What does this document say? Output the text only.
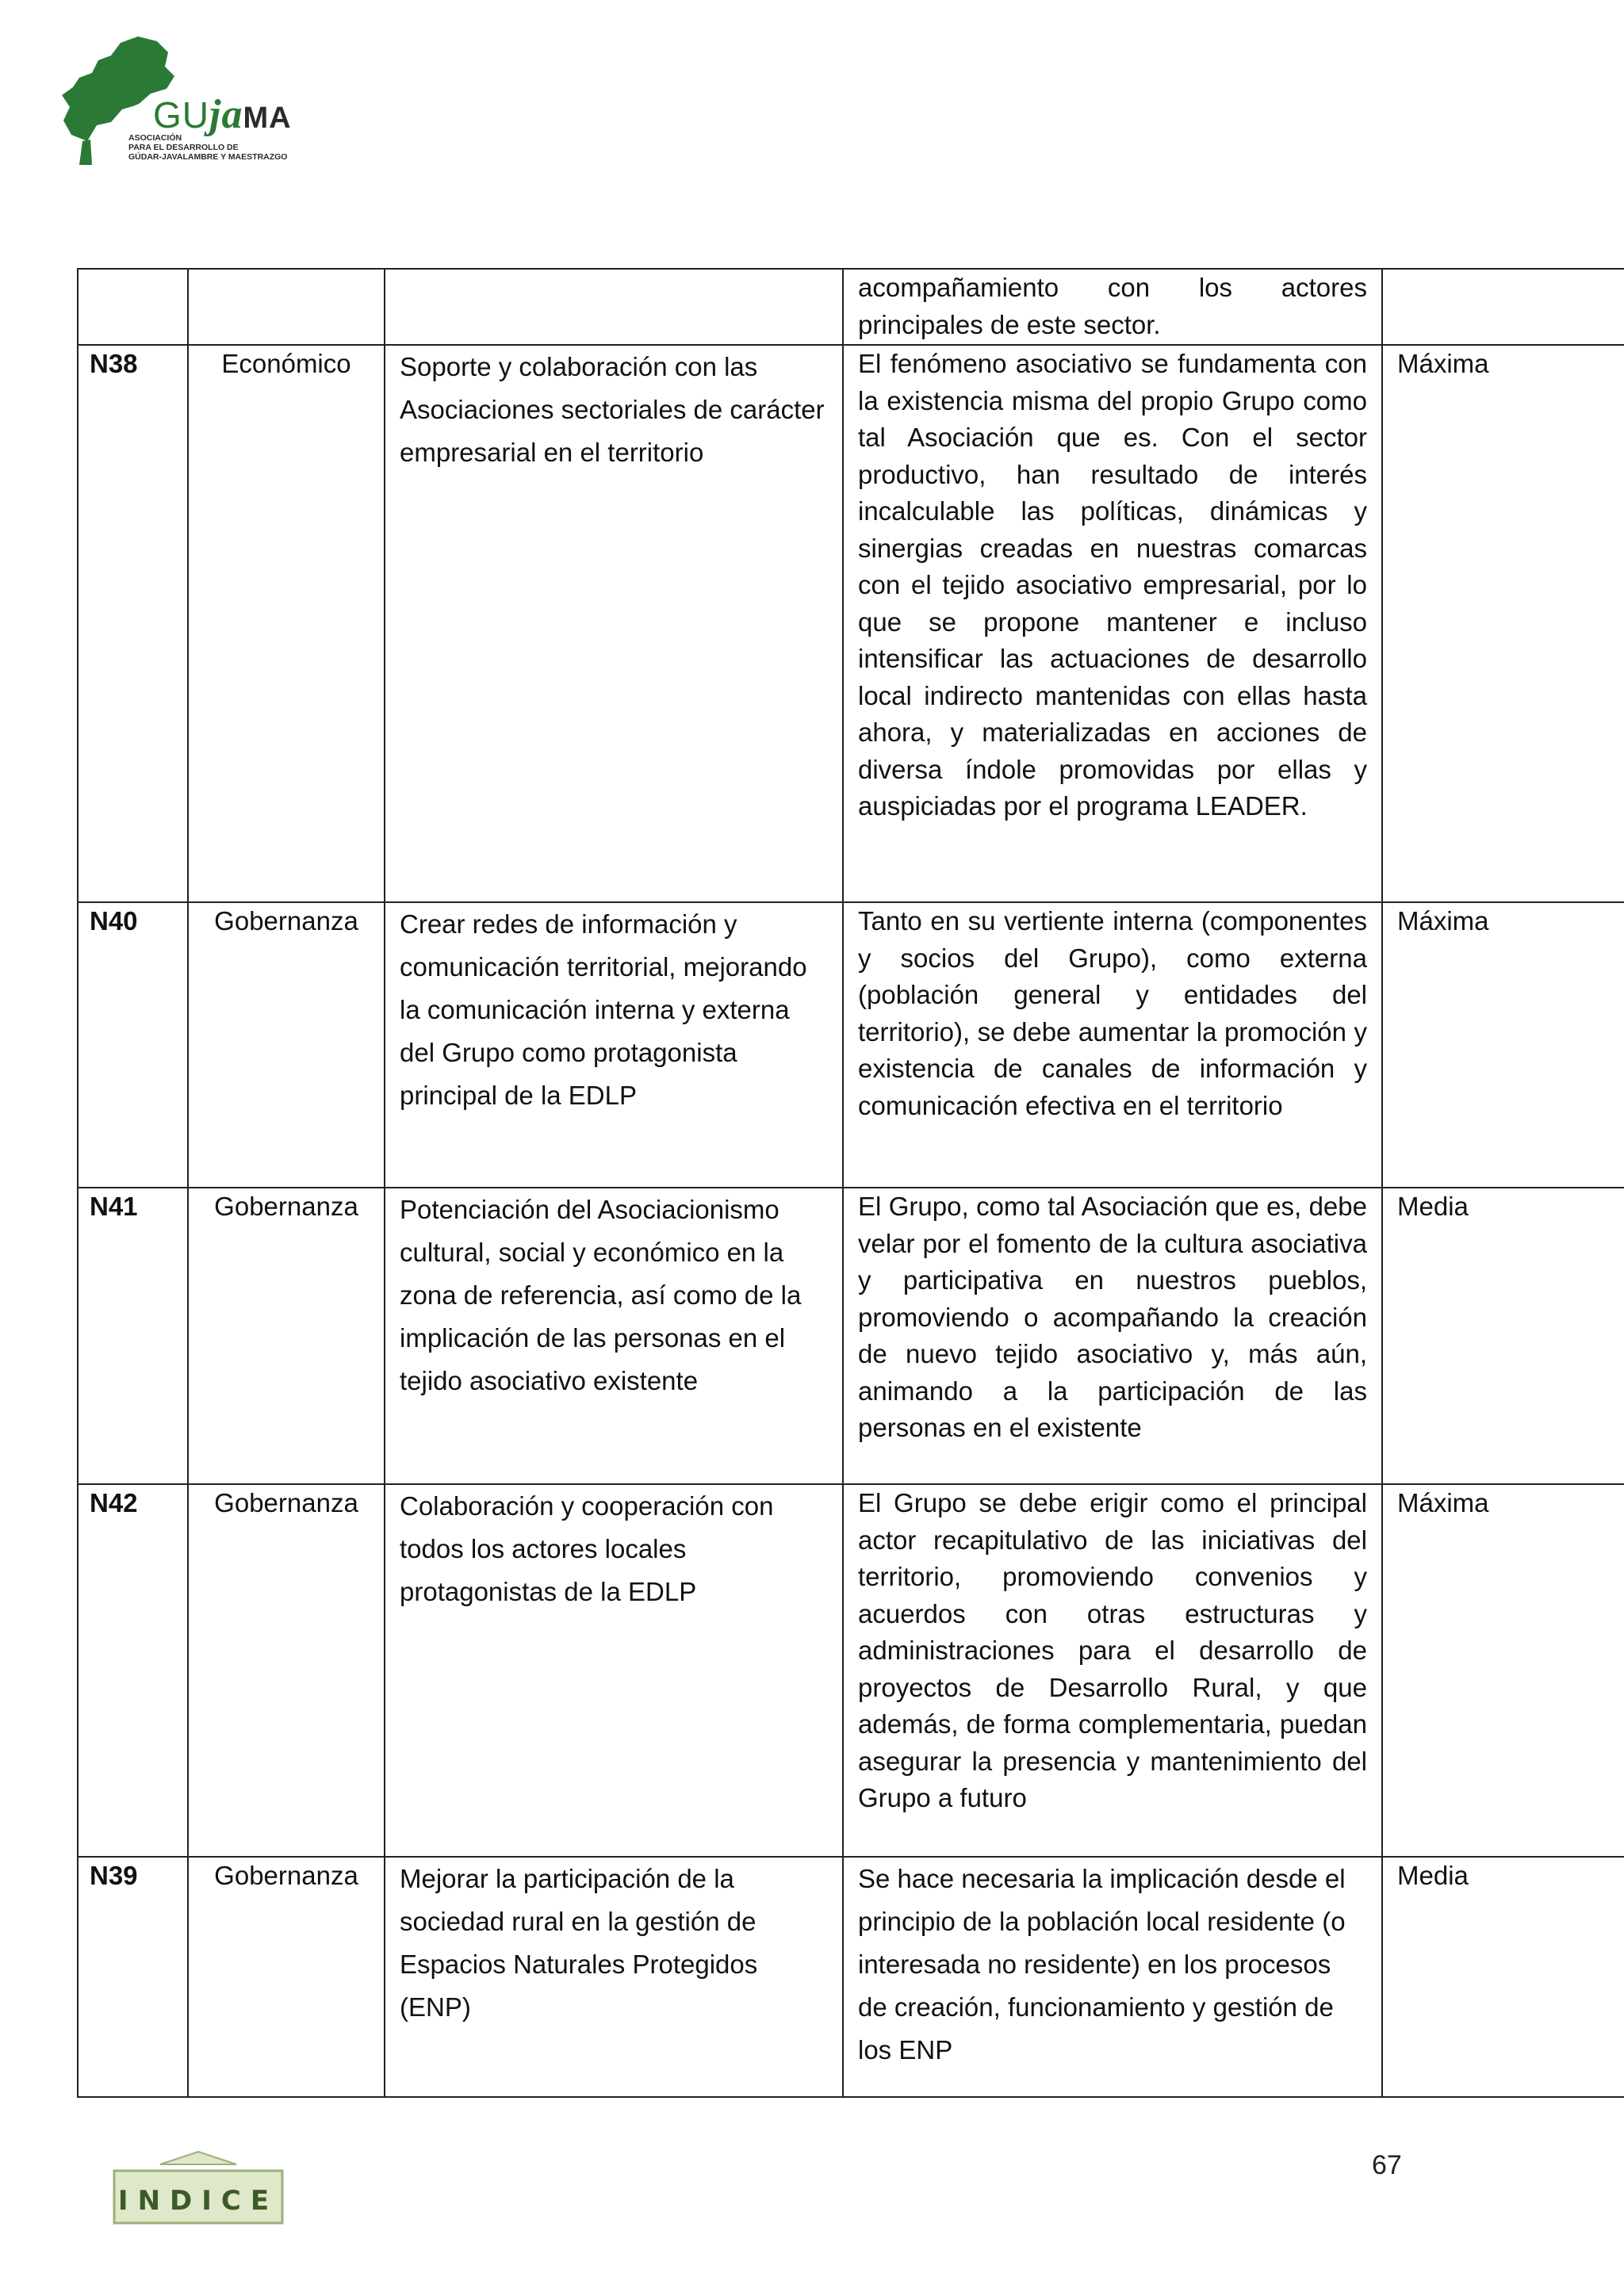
aGUjaMA
ASOCIACIÓN
PARA EL DESARROLLO DE
GÚDAR-JAVALAMBRE Y MAESTRAZGO
			acompañamiento con los actores principales de este sector.	
N38	Económico	Soporte y colaboración con las Asociaciones sectoriales de carácter empresarial en el territorio	El fenómeno asociativo se fundamenta con la existencia misma del propio Grupo como tal Asociación que es. Con el sector productivo, han resultado de interés incalculable las políticas, dinámicas y sinergias creadas en nuestras comarcas con el tejido asociativo empresarial, por lo que se propone mantener e incluso intensificar las actuaciones de desarrollo local indirecto mantenidas con ellas hasta ahora, y materializadas en acciones de diversa índole promovidas por ellas y auspiciadas por el programa LEADER.	Máxima
N40	Gobernanza	Crear redes de información y comunicación territorial, mejorando la comunicación interna y externa del Grupo como protagonista principal de la EDLP	Tanto en su vertiente interna (componentes y socios del Grupo), como externa (población general y entidades del territorio), se debe aumentar la promoción y existencia de canales de información y comunicación efectiva en el territorio	Máxima
N41	Gobernanza	Potenciación del Asociacionismo cultural, social y económico en la zona de referencia, así como de la implicación de las personas en el tejido asociativo existente	El Grupo, como tal Asociación que es, debe velar por el fomento de la cultura asociativa y participativa en nuestros pueblos, promoviendo o acompañando la creación de nuevo tejido asociativo y, más aún, animando a la participación de las personas en el existente	Media
N42	Gobernanza	Colaboración y cooperación con todos los actores locales protagonistas de la EDLP	El Grupo se debe erigir como el principal actor recapitulativo de las iniciativas del territorio, promoviendo convenios y acuerdos con otras estructuras y administraciones para el desarrollo de proyectos de Desarrollo Rural, y que además, de forma complementaria, puedan asegurar la presencia y mantenimiento del Grupo a futuro	Máxima
N39	Gobernanza	Mejorar la participación de la sociedad rural en la gestión de Espacios Naturales Protegidos (ENP)	Se hace necesaria la implicación desde el principio de la población local residente (o interesada no residente) en los procesos de creación, funcionamiento y gestión de los ENP	Media
INDICE
67
